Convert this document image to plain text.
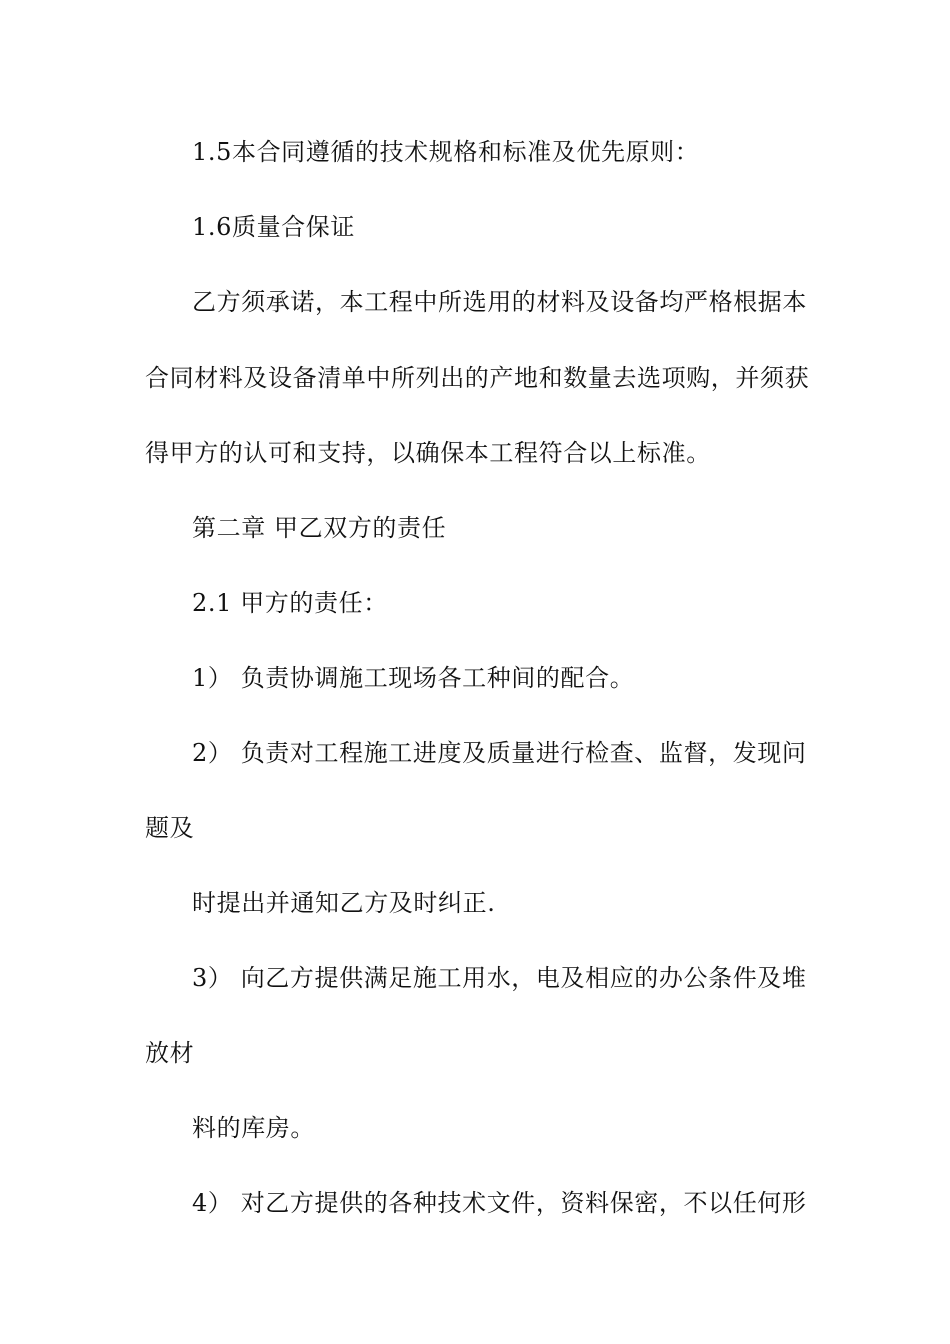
1.5本合同遵循的技术规格和标准及优先原则：
1.6质量合保证
乙方须承诺，本工程中所选用的材料及设备均严格根据本
合同材料及设备清单中所列出的产地和数量去选项购，并须获
得甲方的认可和支持，以确保本工程符合以上标准。
第二章 甲乙双方的责任
2.1 甲方的责任：
1） 负责协调施工现场各工种间的配合。
2） 负责对工程施工进度及质量进行检查、监督，发现问
题及
时提出并通知乙方及时纠正.
3） 向乙方提供满足施工用水，电及相应的办公条件及堆
放材
料的库房。
4） 对乙方提供的各种技术文件，资料保密，不以任何形
